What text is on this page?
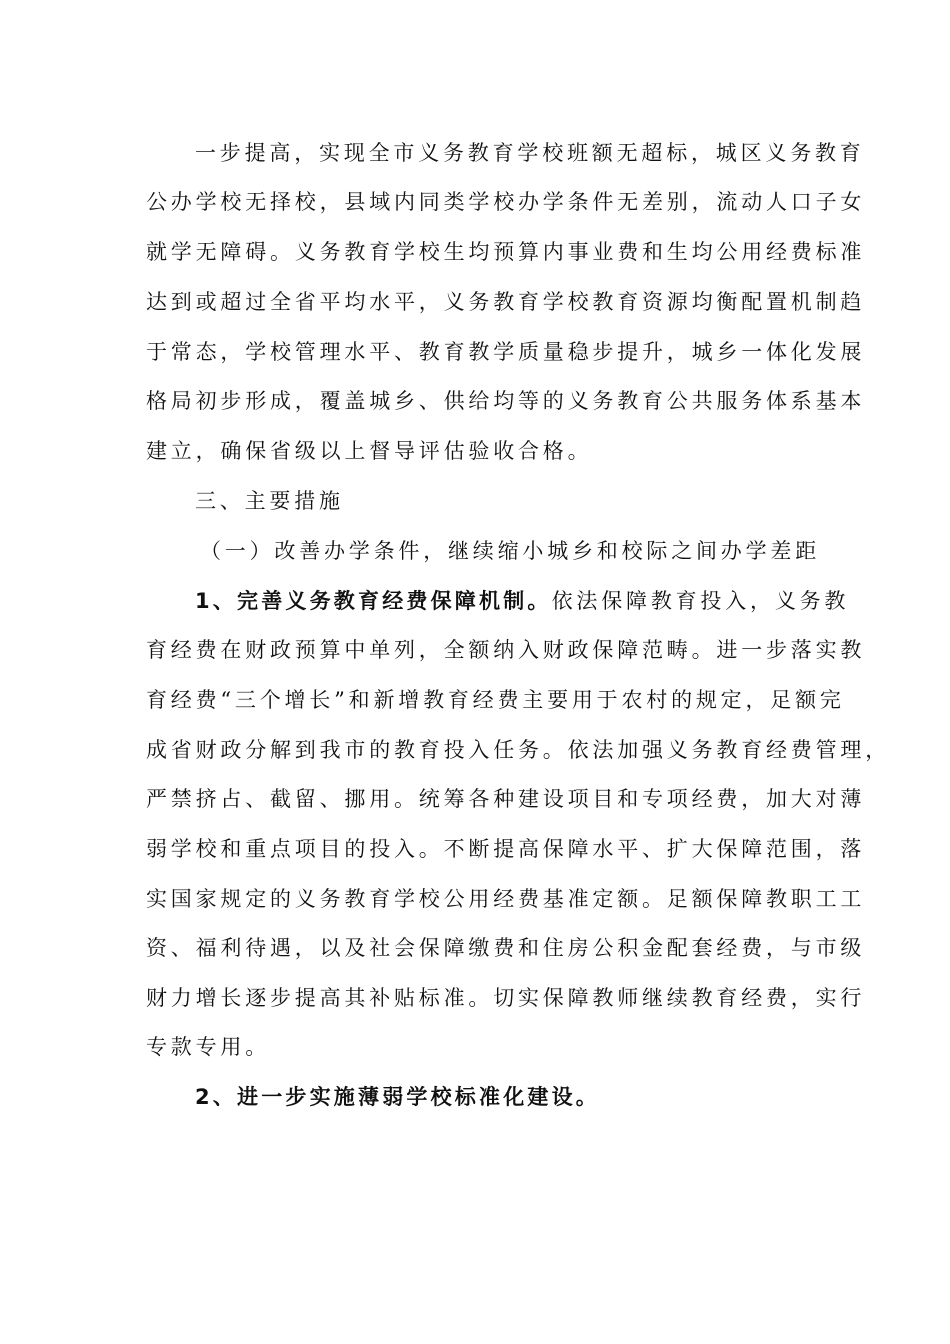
一步提高，实现全市义务教育学校班额无超标，城区义务教育
公办学校无择校，县域内同类学校办学条件无差别，流动人口子女
就学无障碍。义务教育学校生均预算内事业费和生均公用经费标准
达到或超过全省平均水平，义务教育学校教育资源均衡配置机制趋
于常态，学校管理水平、教育教学质量稳步提升，城乡一体化发展
格局初步形成，覆盖城乡、供给均等的义务教育公共服务体系基本
建立，确保省级以上督导评估验收合格。
三、主要措施
（一）改善办学条件，继续缩小城乡和校际之间办学差距
1、完善义务教育经费保障机制。依法保障教育投入，义务教
育经费在财政预算中单列，全额纳入财政保障范畴。进一步落实教
育经费“三个增长”和新增教育经费主要用于农村的规定，足额完
成省财政分解到我市的教育投入任务。依法加强义务教育经费管理，
严禁挤占、截留、挪用。统筹各种建设项目和专项经费，加大对薄
弱学校和重点项目的投入。不断提高保障水平、扩大保障范围，落
实国家规定的义务教育学校公用经费基准定额。足额保障教职工工
资、福利待遇，以及社会保障缴费和住房公积金配套经费，与市级
财力增长逐步提高其补贴标准。切实保障教师继续教育经费，实行
专款专用。
2、进一步实施薄弱学校标准化建设。
